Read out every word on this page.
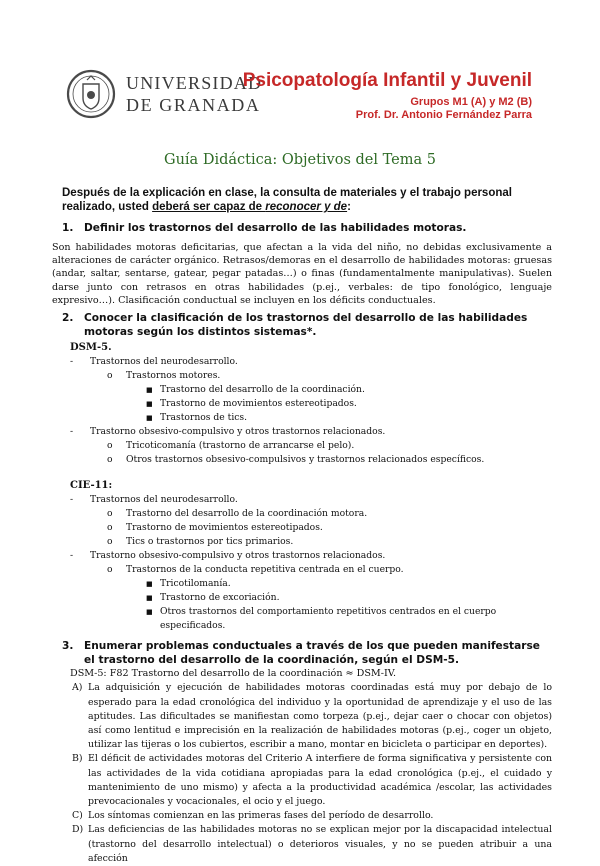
UNIVERSIDAD
DE GRANADA
Psicopatología Infantil y Juvenil
Grupos M1 (A) y M2 (B)
Prof. Dr. Antonio Fernández Parra
Guía Didáctica: Objetivos del Tema 5
Después de la explicación en clase, la consulta de materiales y el trabajo personal realizado, usted deberá ser capaz de reconocer y de:
1. Definir los trastornos del desarrollo de las habilidades motoras.
Son habilidades motoras deficitarias, que afectan a la vida del niño, no debidas exclusivamente a alteraciones de carácter orgánico. Retrasos/demoras en el desarrollo de habilidades motoras: gruesas (andar, saltar, sentarse, gatear, pegar patadas…) o finas (fundamentalmente manipulativas). Suelen darse junto con retrasos en otras habilidades (p.ej., verbales: de tipo fonológico, lenguaje expresivo…). Clasificación conductual se incluyen en los déficits conductuales.
2. Conocer la clasificación de los trastornos del desarrollo de las habilidades motoras según los distintos sistemas*.
DSM-5.
- Trastornos del neurodesarrollo.
o Trastornos motores.
■ Trastorno del desarrollo de la coordinación.
■ Trastorno de movimientos estereotipados.
■ Trastornos de tics.
- Trastorno obsesivo-compulsivo y otros trastornos relacionados.
o Tricoticomanía (trastorno de arrancarse el pelo).
o Otros trastornos obsesivo-compulsivos y trastornos relacionados específicos.
CIE-11:
- Trastornos del neurodesarrollo.
o Trastorno del desarrollo de la coordinación motora.
o Trastorno de movimientos estereotipados.
o Tics o trastornos por tics primarios.
- Trastorno obsesivo-compulsivo y otros trastornos relacionados.
o Trastornos de la conducta repetitiva centrada en el cuerpo.
■ Tricotilomanía.
■ Trastorno de excoriación.
■ Otros trastornos del comportamiento repetitivos centrados en el cuerpo especificados.
3. Enumerar problemas conductuales a través de los que pueden manifestarse el trastorno del desarrollo de la coordinación, según el DSM-5.
DSM-5: F82 Trastorno del desarrollo de la coordinación ≈ DSM-IV.
A) La adquisición y ejecución de habilidades motoras coordinadas está muy por debajo de lo esperado para la edad cronológica del individuo y la oportunidad de aprendizaje y el uso de las aptitudes. Las dificultades se manifiestan como torpeza (p.ej., dejar caer o chocar con objetos) así como lentitud e imprecisión en la realización de habilidades motoras (p.ej., coger un objeto, utilizar las tijeras o los cubiertos, escribir a mano, montar en bicicleta o participar en deportes).
B) El déficit de actividades motoras del Criterio A interfiere de forma significativa y persistente con las actividades de la vida cotidiana apropiadas para la edad cronológica (p.ej., el cuidado y mantenimiento de uno mismo) y afecta a la productividad académica /escolar, las actividades prevocacionales y vocacionales, el ocio y el juego.
C) Los síntomas comienzan en las primeras fases del período de desarrollo.
D) Las deficiencias de las habilidades motoras no se explican mejor por la discapacidad intelectual (trastorno del desarrollo intelectual) o deterioros visuales, y no se pueden atribuir a una afección
